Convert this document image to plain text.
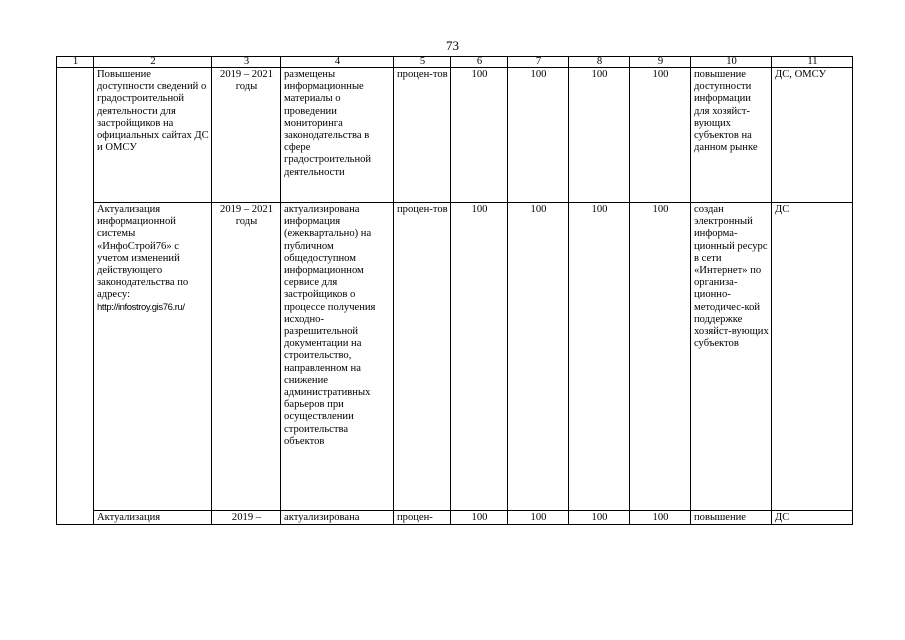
73
1	2	3	4	5	6	7	8	9	10	11
	Повышение доступности сведений о градостроительной деятельности для застройщиков на официальных сайтах ДС и ОМСУ	2019 – 2021 годы	размещены информационные материалы о проведении мониторинга законодательства в сфере градостроительной деятельности	процен-тов	100	100	100	100	повышение доступности информации для хозяйст-вующих субъектов на данном рынке	ДС, ОМСУ
	Актуализация информационной системы «ИнфоСтрой76» с учетом изменений действующего законодательства по адресу: http://infostroy.gis76.ru/	2019 – 2021 годы	актуализирована информация (ежеквартально) на публичном общедоступном информационном сервисе для застройщиков о процессе получения исходно-разрешительной документации на строительство, направленном на снижение административных барьеров при осуществлении строительства объектов	процен-тов	100	100	100	100	создан электронный информа-ционный ресурс в сети «Интернет» по организа-ционно-методичес-кой поддержке хозяйст-вующих субъектов	ДС
	Актуализация	2019 –	актуализирована	процен-	100	100	100	100	повышение	ДС
